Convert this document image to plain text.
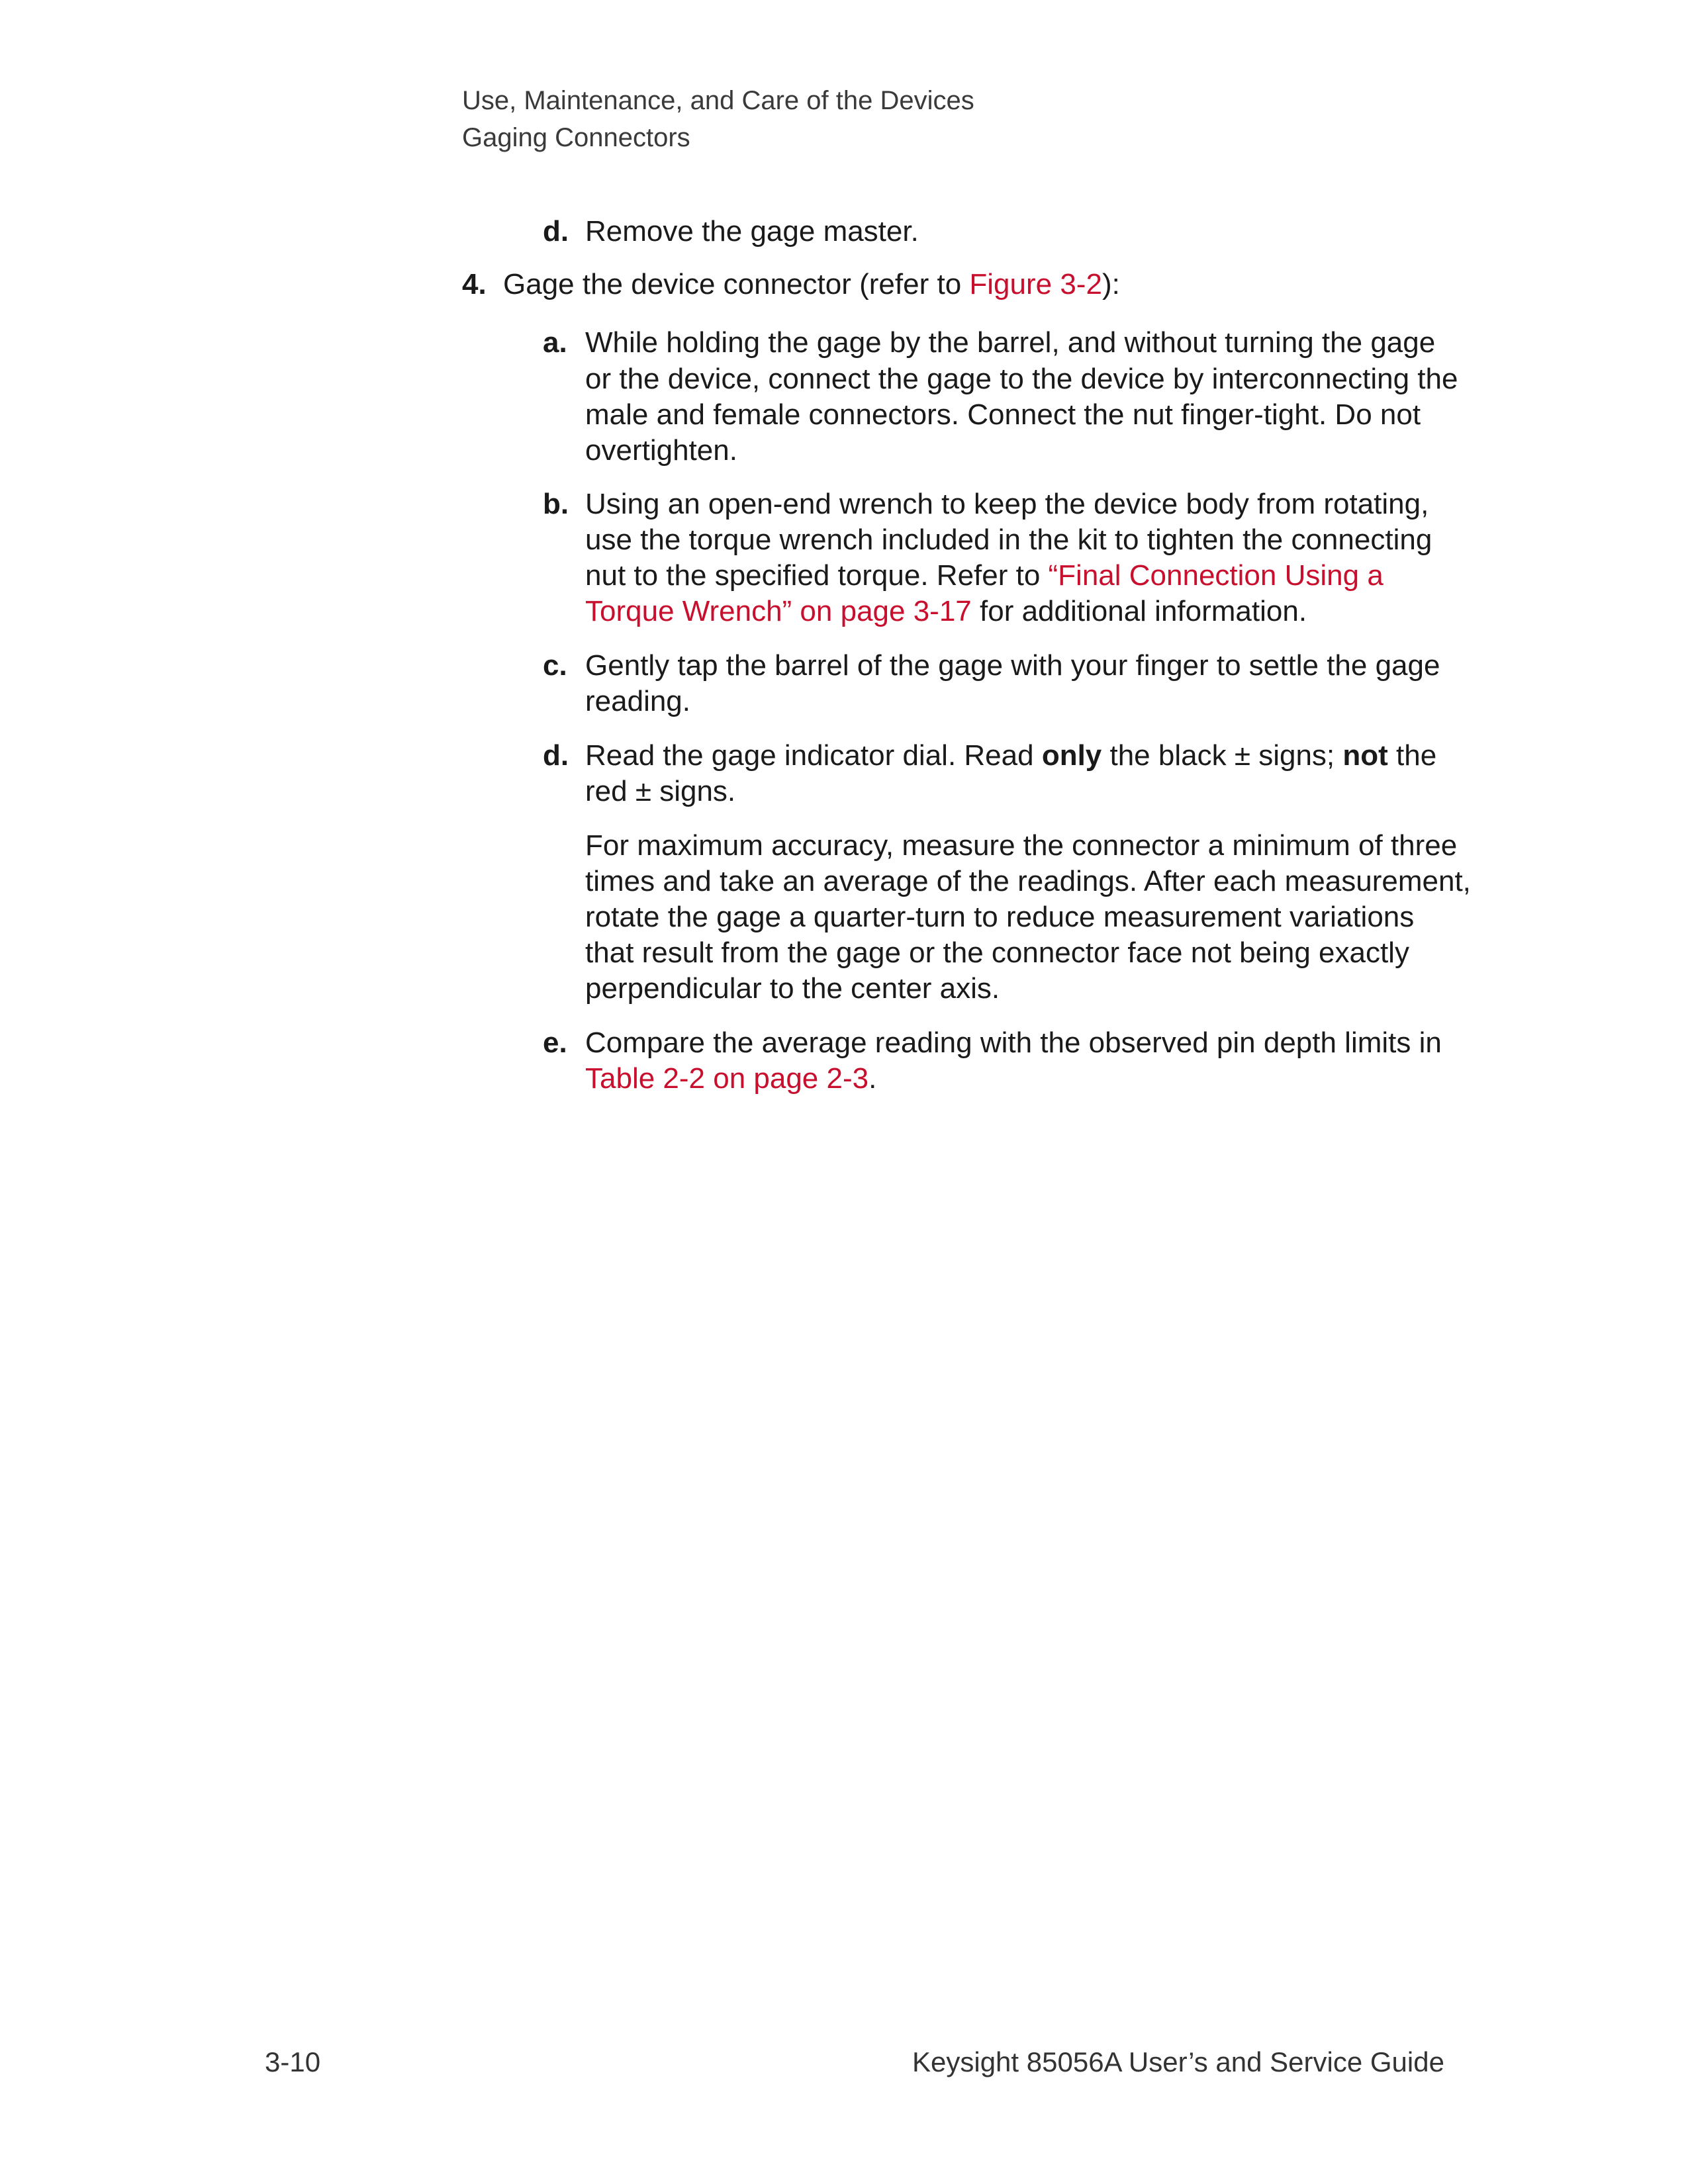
Use, Maintenance, and Care of the Devices
Gaging Connectors
d. Remove the gage master.
4. Gage the device connector (refer to Figure 3-2):
a. While holding the gage by the barrel, and without turning the gage
or the device, connect the gage to the device by interconnecting the
male and female connectors. Connect the nut finger-tight. Do not
overtighten.
b. Using an open-end wrench to keep the device body from rotating,
use the torque wrench included in the kit to tighten the connecting
nut to the specified torque. Refer to “Final Connection Using a
Torque Wrench” on page 3-17 for additional information.
c. Gently tap the barrel of the gage with your finger to settle the gage
reading.
d. Read the gage indicator dial. Read only the black ± signs; not the
red ± signs.
For maximum accuracy, measure the connector a minimum of three
times and take an average of the readings. After each measurement,
rotate the gage a quarter-turn to reduce measurement variations
that result from the gage or the connector face not being exactly
perpendicular to the center axis.
e. Compare the average reading with the observed pin depth limits in
Table 2-2 on page 2-3.
3-10	Keysight 85056A User’s and Service Guide
